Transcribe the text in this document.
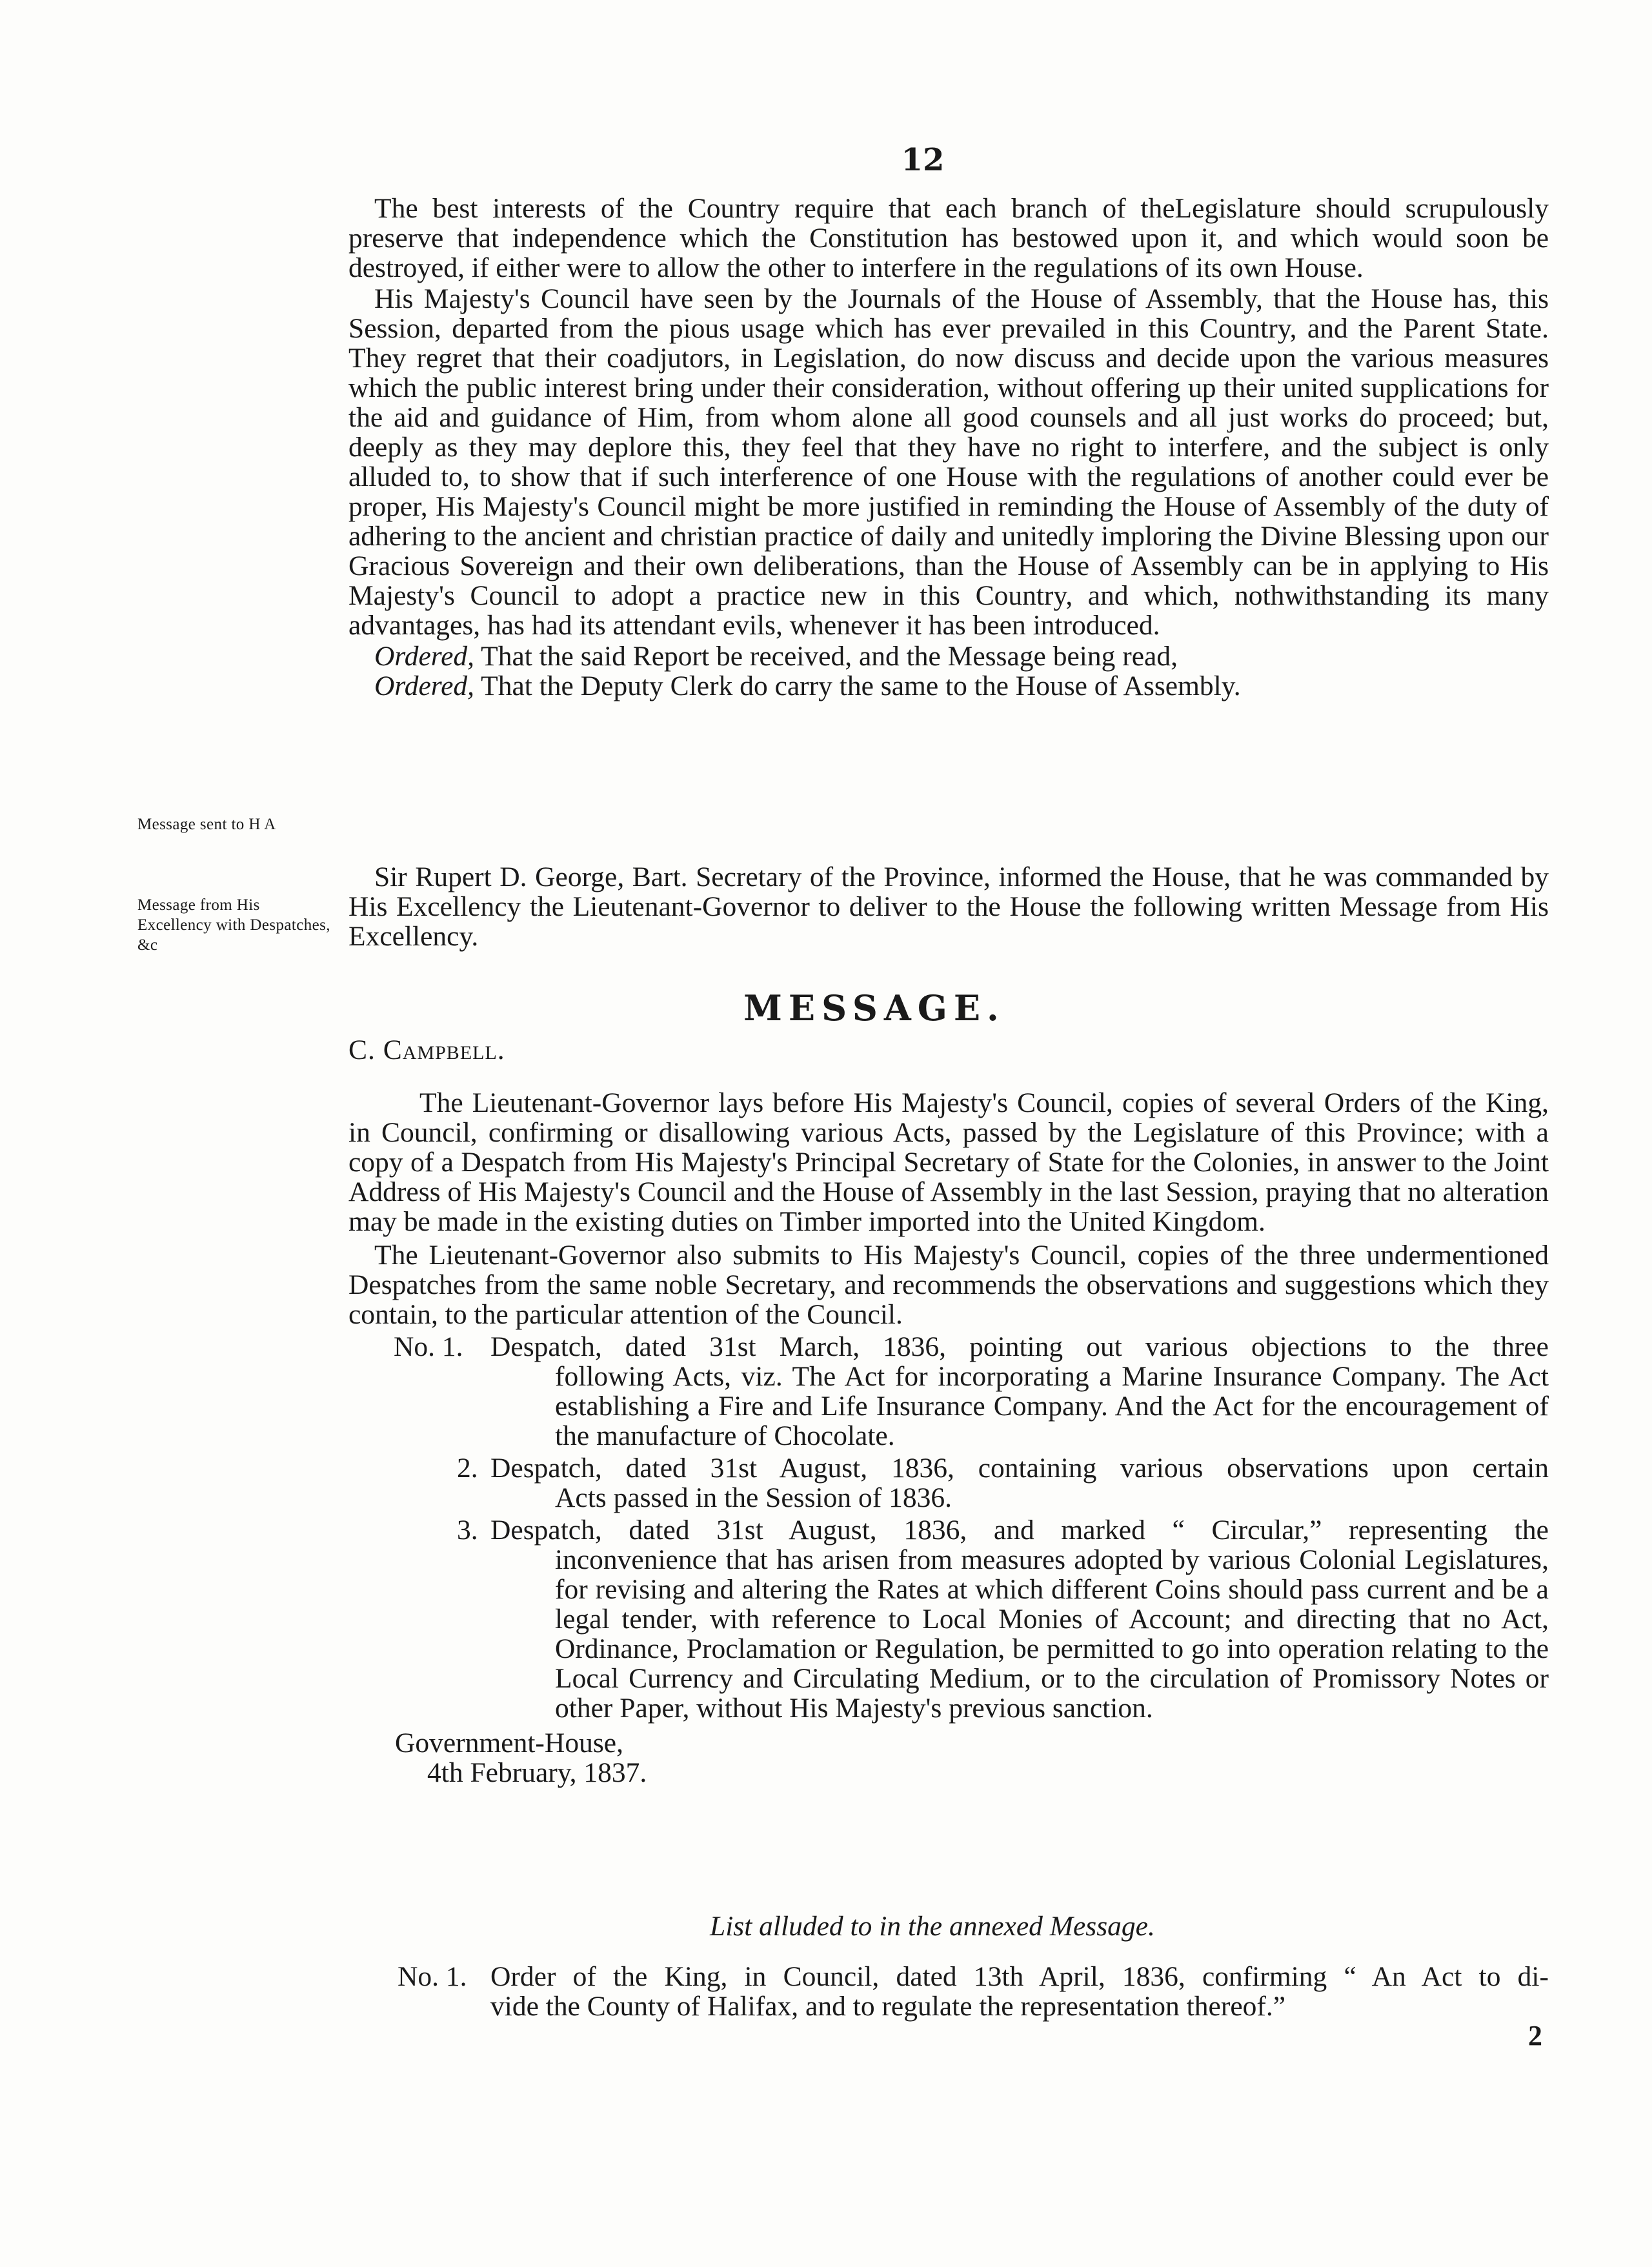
12

The best interests of the Country require that each branch of theLegislature should scrupulously preserve that independence which the Constitution has bestowed upon it, and which would soon be destroyed, if either were to allow the other to interfere in the regulations of its own House.

His Majesty's Council have seen by the Journals of the House of Assembly, that the House has, this Session, departed from the pious usage which has ever prevailed in this Country, and the Parent State. They regret that their coadjutors, in Legislation, do now discuss and decide upon the various measures which the public interest bring under their consideration, without offering up their united supplications for the aid and guidance of Him, from whom alone all good counsels and all just works do proceed; but, deeply as they may deplore this, they feel that they have no right to interfere, and the subject is only alluded to, to show that if such interference of one House with the regulations of another could ever be proper, His Majesty's Council might be more justified in reminding the House of Assembly of the duty of adhering to the ancient and christian practice of daily and unitedly imploring the Divine Blessing upon our Gracious Sovereign and their own deliberations, than the House of Assembly can be in applying to His Majesty's Council to adopt a practice new in this Country, and which, nothwithstanding its many advantages, has had its attendant evils, whenever it has been introduced.

Ordered, That the said Report be received, and the Message being read,

Ordered, That the Deputy Clerk do carry the same to the House of Assembly.

Message sent to H A
Message from His Excellency with Despatches, &c

Sir Rupert D. George, Bart. Secretary of the Province, informed the House, that he was commanded by His Excellency the Lieutenant-Governor to deliver to the House the following written Message from His Excellency.

MESSAGE.

C. Campbell.

The Lieutenant-Governor lays before His Majesty's Council, copies of several Orders of the King, in Council, confirming or disallowing various Acts, passed by the Legislature of this Province; with a copy of a Despatch from His Majesty's Principal Secretary of State for the Colonies, in answer to the Joint Address of His Majesty's Council and the House of Assembly in the last Session, praying that no alteration may be made in the existing duties on Timber imported into the United Kingdom.

The Lieutenant-Governor also submits to His Majesty's Council, copies of the three undermentioned Despatches from the same noble Secretary, and recommends the observations and suggestions which they contain, to the particular attention of the Council.

No. 1. Despatch, dated 31st March, 1836, pointing out various objections to the three
following Acts, viz. The Act for incorporating a Marine Insurance Company. The Act establishing a Fire and Life Insurance Company. And the Act for the encouragement of the manufacture of Chocolate.
2. Despatch, dated 31st August, 1836, containing various observations upon certain
Acts passed in the Session of 1836.
3. Despatch, dated 31st August, 1836, and marked “ Circular,” representing the
inconvenience that has arisen from measures adopted by various Colonial Legislatures, for revising and altering the Rates at which different Coins should pass current and be a legal tender, with reference to Local Monies of Account; and directing that no Act, Ordinance, Proclamation or Regulation, be permitted to go into operation relating to the Local Currency and Circulating Medium, or to the circulation of Promissory Notes or other Paper, without His Majesty's previous sanction.

Government-House,

4th February, 1837.

List alluded to in the annexed Message.
No. 1. Order of the King, in Council, dated 13th April, 1836, confirming “ An Act to di-
vide the County of Halifax, and to regulate the representation thereof.”
2
